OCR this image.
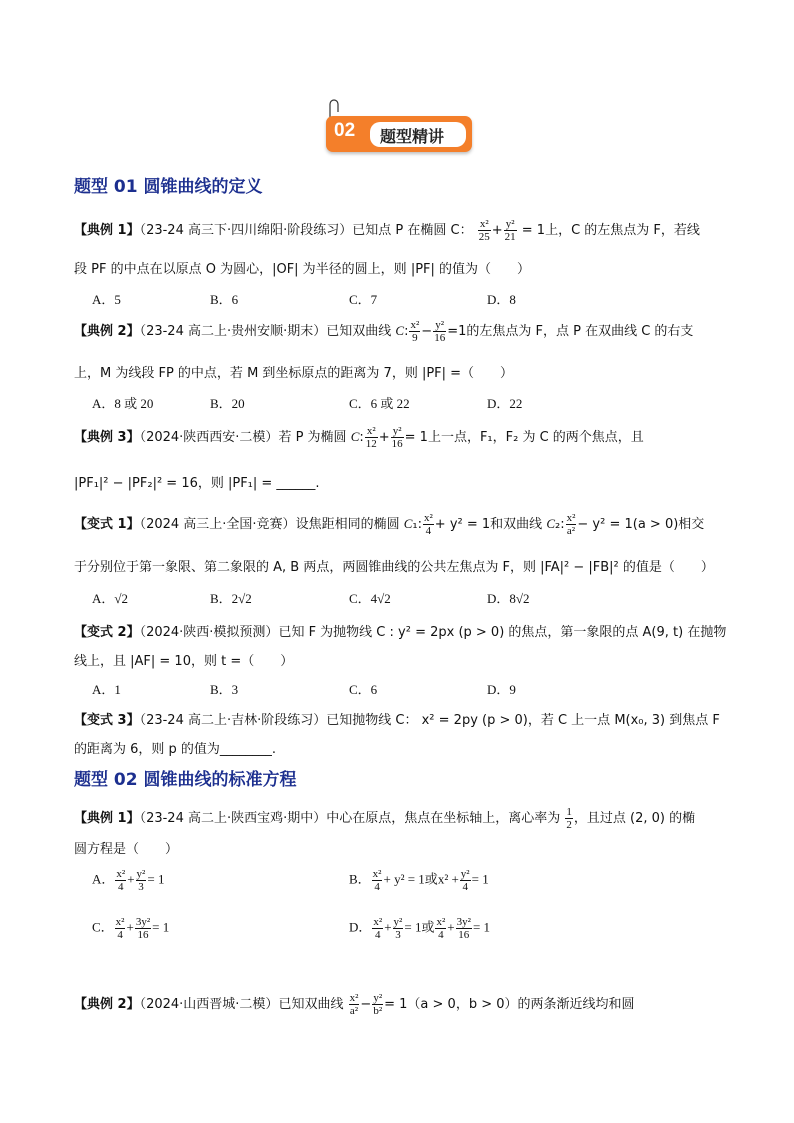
02 题型精讲
题型 01 圆锥曲线的定义
【典例 1】（23-24 高三下·四川绵阳·阶段练习）已知点 P 在椭圆 C： $\frac{\text{x²}}{25} + \frac{\text{y²}}{21} = 1$上，C 的左焦点为 F，若线
段 PF 的中点在以原点 O 为圆心，|OF| 为半径的圆上，则 |PF| 的值为（　　）
A．5	B．6	C．7	D．8
【典例 2】（23-24 高二上·贵州安顺·期末）已知双曲线 C: $\frac{\text{x²}}{9} - \frac{\text{y²}}{16} =1$的左焦点为 F，点 P 在双曲线 C 的右支
上，M 为线段 FP 的中点，若 M 到坐标原点的距离为 7，则 |PF| =（　　）
A．8 或 20	B．20	C．6 或 22	D．22
【典例 3】（2024·陕西西安·二模）若 P 为椭圆 C: $\frac{\text{x²}}{12} + \frac{\text{y²}}{16} = 1$上一点，F₁，F₂ 为 C 的两个焦点，且
|PF₁|² − |PF₂|² = 16，则 |PF₁| = ______.
【变式 1】（2024 高三上·全国·竞赛）设焦距相同的椭圆 C₁: $\frac{\text{x²}}{4} + y^2 = 1$和双曲线 C₂: $\frac{\text{x²}}{\text{a²}} - y^2 = 1(a > 0)$相交
于分别位于第一象限、第二象限的 A, B 两点，两圆锥曲线的公共左焦点为 F，则 |FA|² − |FB|² 的值是（　　）
A．√2	B．2√2	C．4√2	D．8√2
【变式 2】（2024·陕西·模拟预测）已知 F 为抛物线 C : y² = 2px (p > 0) 的焦点，第一象限的点 A(9, t) 在抛物
线上，且 |AF| = 10，则 t =（　　）
A．1	B．3	C．6	D．9
【变式 3】（23-24 高二上·吉林·阶段练习）已知抛物线 C： x² = 2py (p > 0)，若 C 上一点 M(x₀, 3) 到焦点 F
的距离为 6，则 p 的值为________.
题型 02 圆锥曲线的标准方程
【典例 1】（23-24 高二上·陕西宝鸡·期中）中心在原点，焦点在坐标轴上，离心率为 $\frac{1}{2}$ ，且过点 (2, 0) 的椭
圆方程是（　　）
A． $\frac{\text{x²}}{4} + \frac{\text{y²}}{3} = 1$	B． $\frac{\text{x²}}{4} + y^2 = 1$或$x^2 + \frac{\text{y²}}{4} = 1$
C． $\frac{\text{x²}}{4} + \frac{\text{3y²}}{16} = 1$	D． $\frac{\text{x²}}{4} + \frac{\text{y²}}{3} = 1$或 $\frac{\text{x²}}{4} + \frac{\text{3y²}}{16} = 1$
【典例 2】（2024·山西晋城·二模）已知双曲线 $\frac{\text{x²}}{\text{a²}} - \frac{\text{y²}}{\text{b²}} = 1(a > 0$，b > 0）的两条渐近线均和圆
